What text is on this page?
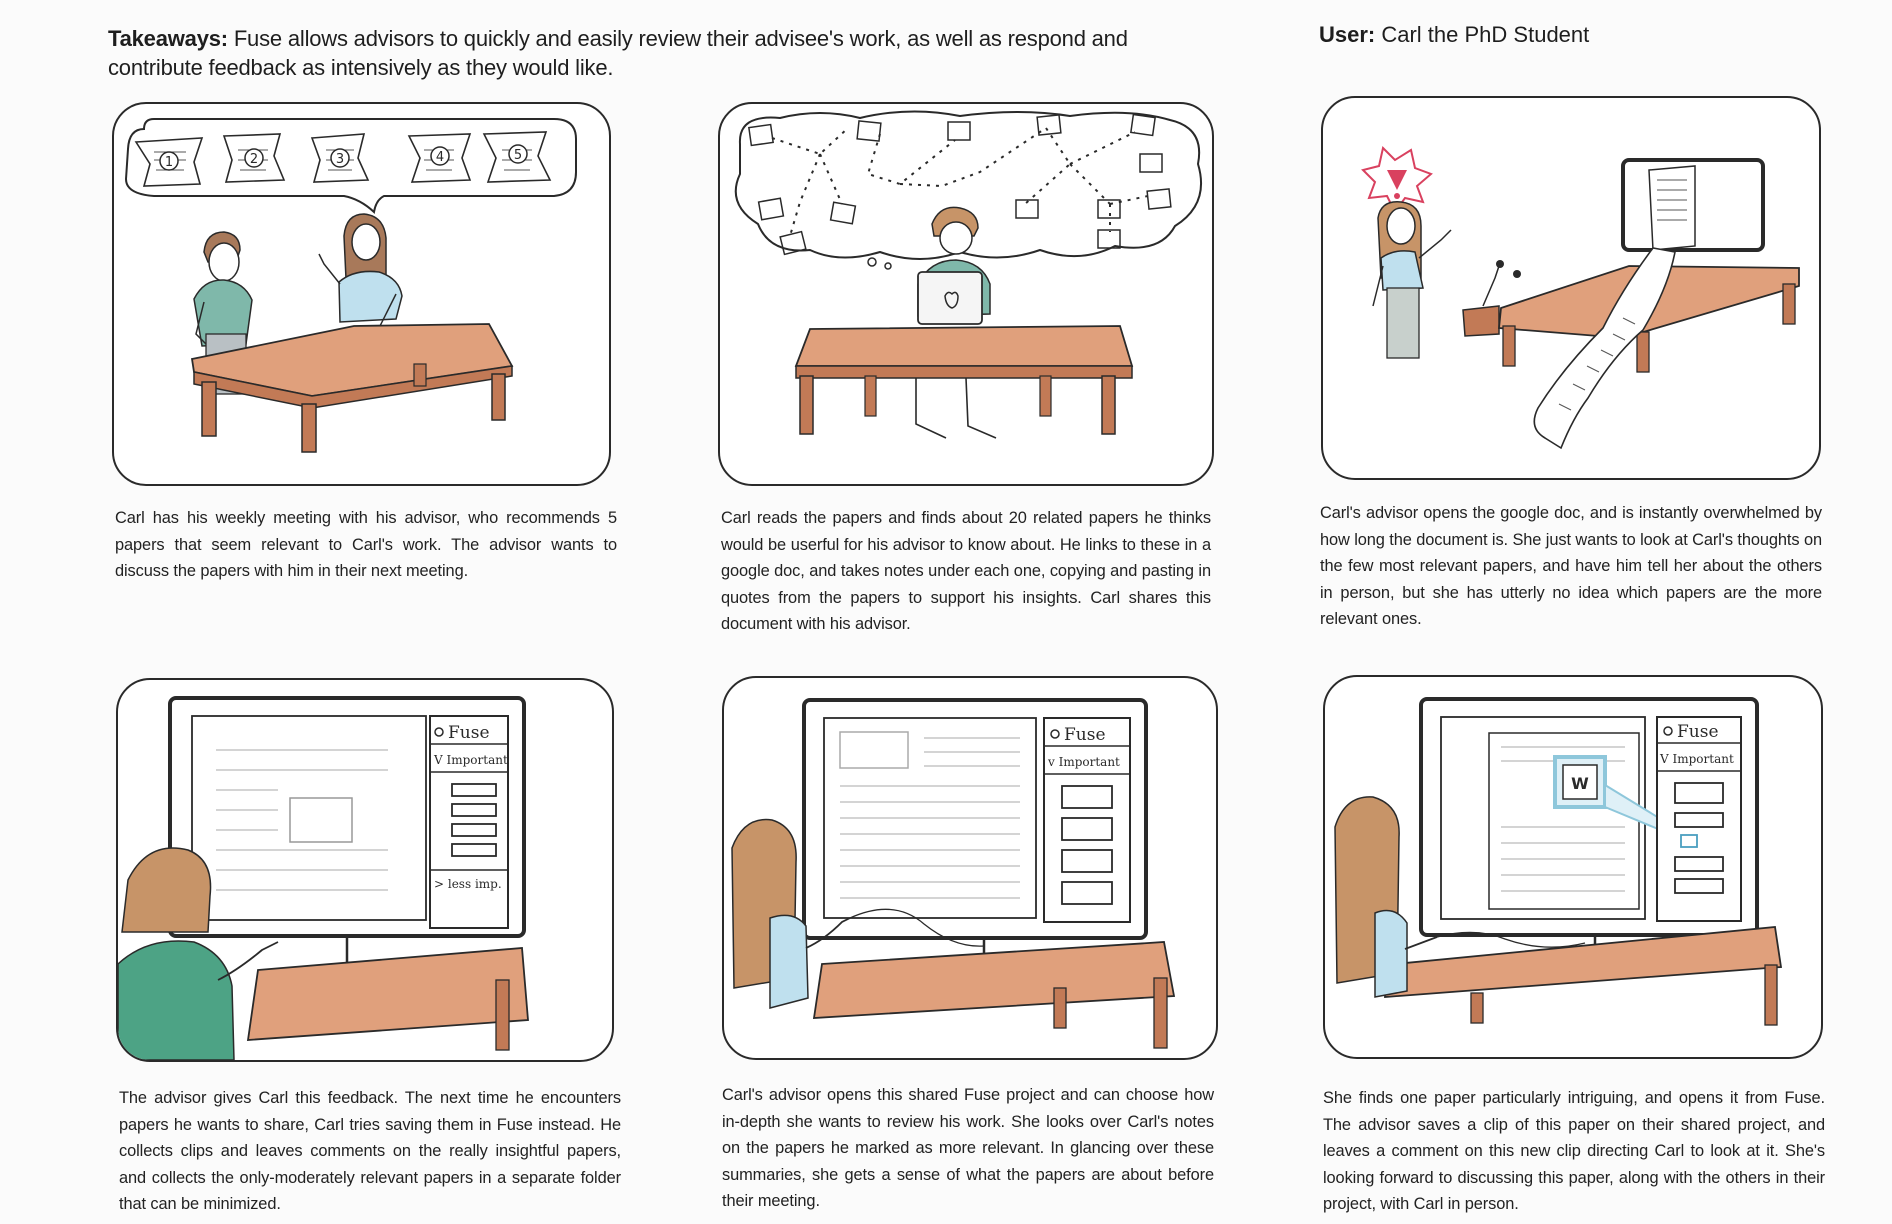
Takeaways: Fuse allows advisors to quickly and easily review their advisee's work, as well as respond and contribute feedback as intensively as they would like.
User: Carl the PhD Student
1	2	3	4	5
Carl has his weekly meeting with his advisor, who recommends 5 papers that seem relevant to Carl's work. The advisor wants to discuss the papers with him in their next meeting.
Carl reads the papers and finds about 20 related papers he thinks would be userful for his advisor to know about. He links to these in a google doc, and takes notes under each one, copying and pasting in quotes from the papers to support his insights. Carl shares this document with his advisor.
Carl's advisor opens the google doc, and is instantly overwhelmed by how long the document is. She just wants to look at Carl's thoughts on the few most relevant papers, and have him tell her about the others in person, but she has utterly no idea which papers are the more relevant ones.
Fuse
V Important
> less imp.
The advisor gives Carl this feedback. The next time he encounters papers he wants to share, Carl tries saving them in Fuse instead. He collects clips and leaves comments on the really insightful papers, and collects the only-moderately relevant papers in a separate folder that can be minimized.
Fuse
v Important
Carl's advisor opens this shared Fuse project and can choose how in-depth she wants to review his work. She looks over Carl's notes on the papers he marked as more relevant. In glancing over these summaries, she gets a sense of what the papers are about before their meeting.
W
Fuse
V Important
She finds one paper particularly intriguing, and opens it from Fuse. The advisor saves a clip of this paper on their shared project, and leaves a comment on this new clip directing Carl to look at it. She's looking forward to discussing this paper, along with the others in their project, with Carl in person.
